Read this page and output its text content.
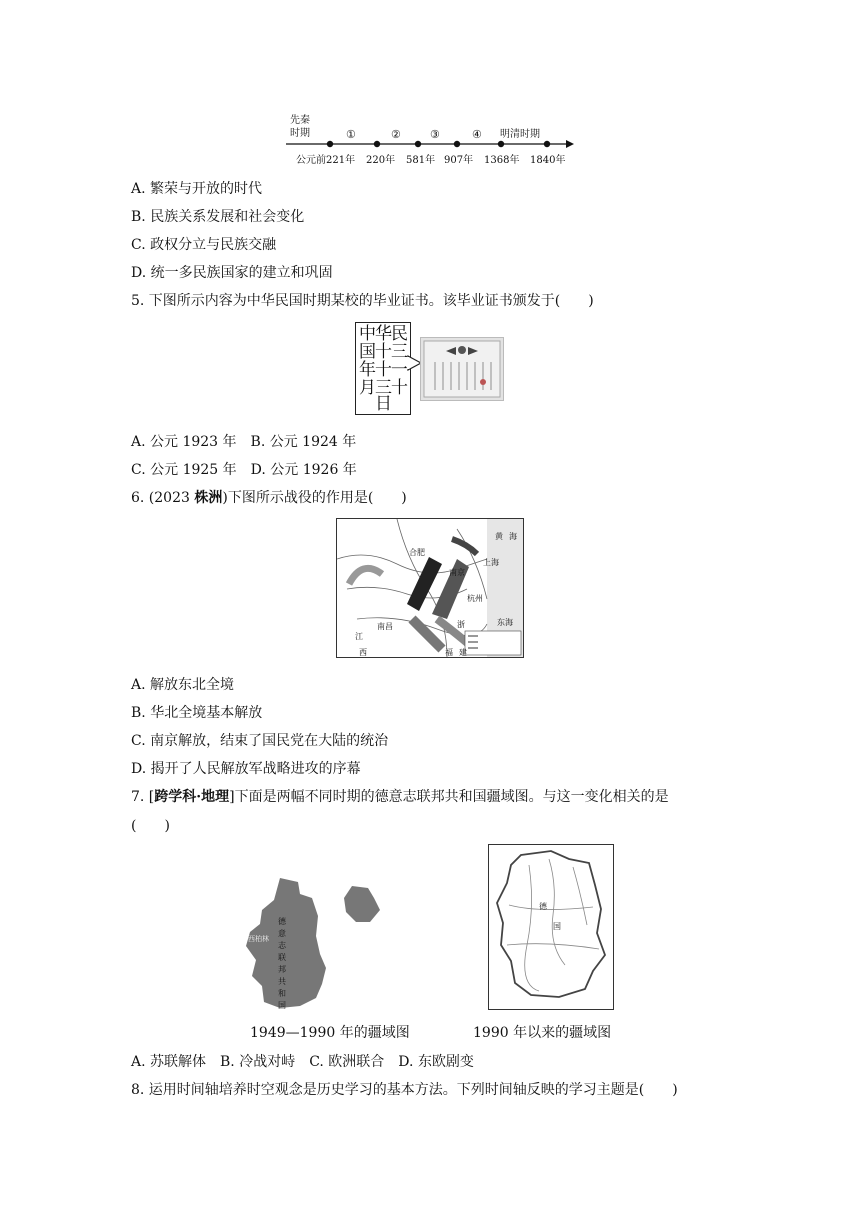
先秦
时期	①	②	③	④ 明清时期
公元前221年 220年 581年 907年 1368年 1840年
A. 繁荣与开放的时代
B. 民族关系发展和社会变化
C. 政权分立与民族交融
D. 统一多民族国家的建立和巩固
5. 下图所示内容为中华民国时期某校的毕业证书。该毕业证书颁发于(　　)
中 华 民
国 十 三
年 十 一
月 三 十
日
A. 公元 1923 年　B. 公元 1924 年
C. 公元 1925 年　D. 公元 1926 年
6. (2023 株洲)下图所示战役的作用是(　　)
合肥
南京
上海
杭州
东海
黄 海
江
西
南昌
福 建
浙
A. 解放东北全境
B. 华北全境基本解放
C. 南京解放，结束了国民党在大陆的统治
D. 揭开了人民解放军战略进攻的序幕
7. [跨学科·地理]下面是两幅不同时期的德意志联邦共和国疆域图。与这一变化相关的是
(　　)
德
意
志
联
邦
共
和
国
西柏林
德
国
1949—1990 年的疆域图	1990 年以来的疆域图
A. 苏联解体　B. 冷战对峙　C. 欧洲联合　D. 东欧剧变
8. 运用时间轴培养时空观念是历史学习的基本方法。下列时间轴反映的学习主题是(　　)
